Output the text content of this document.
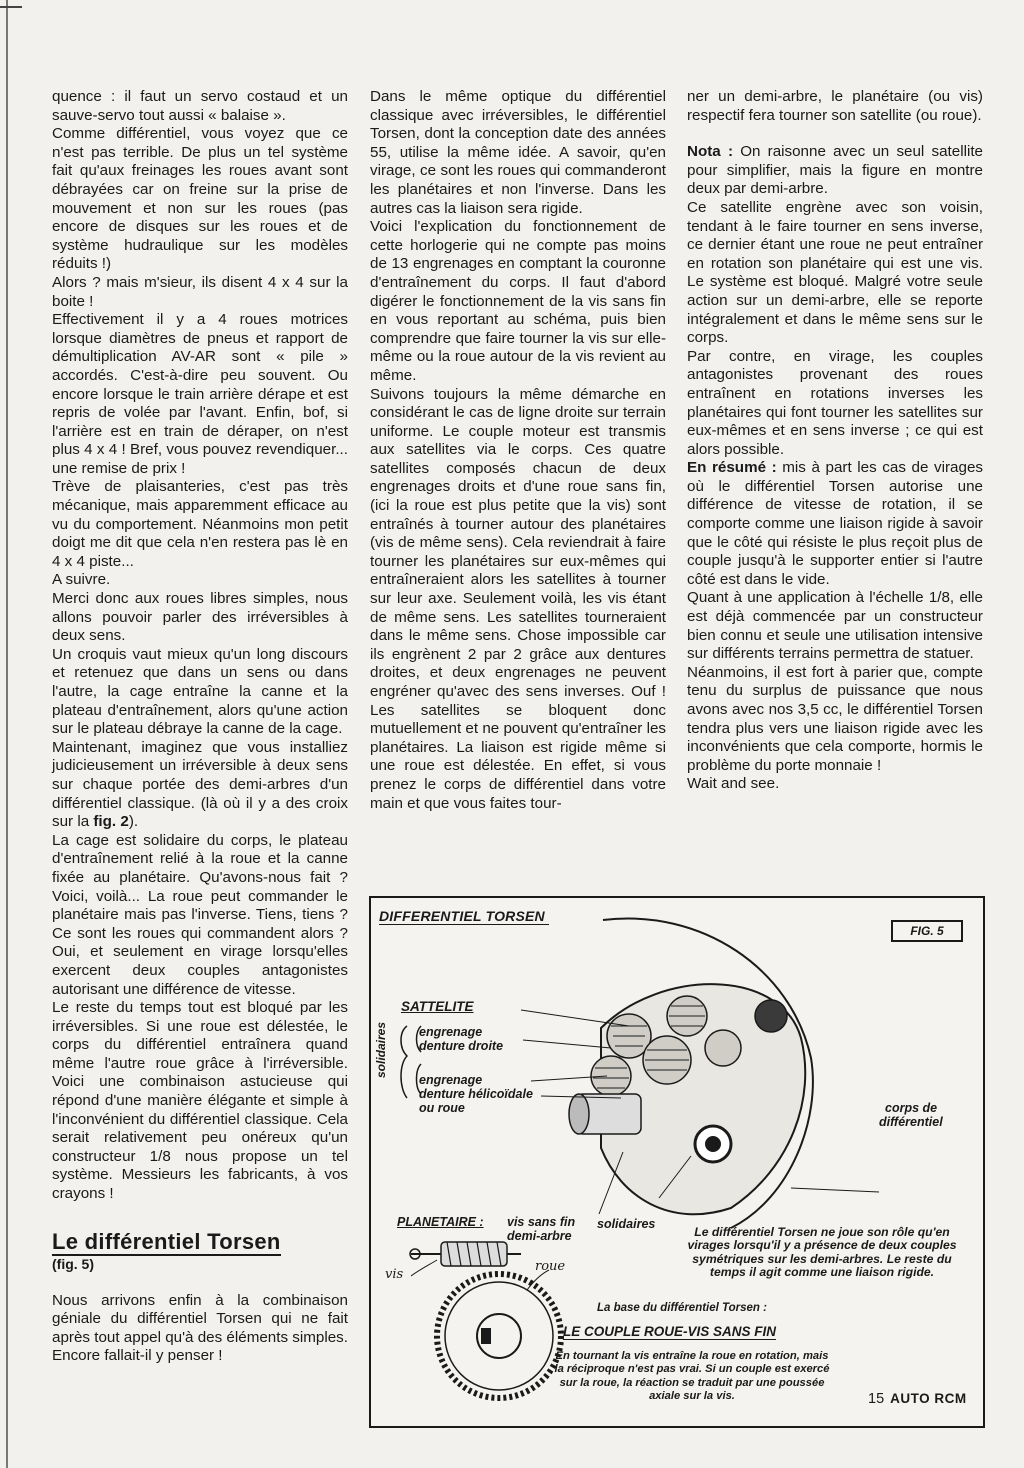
quence : il faut un servo costaud et un sauve-servo tout aussi « balaise ».

Comme différentiel, vous voyez que ce n'est pas terrible. De plus un tel système fait qu'aux freinages les roues avant sont débrayées car on freine sur la prise de mouvement et non sur les roues (pas encore de disques sur les roues et de système hudraulique sur les modèles réduits !)

Alors ? mais m'sieur, ils disent 4 x 4 sur la boite !

Effectivement il y a 4 roues motrices lorsque diamètres de pneus et rapport de démultiplication AV-AR sont « pile » accordés. C'est-à-dire peu souvent. Ou encore lorsque le train arrière dérape et est repris de volée par l'avant. Enfin, bof, si l'arrière est en train de déraper, on n'est plus 4 x 4 ! Bref, vous pouvez revendiquer... une remise de prix !

Trève de plaisanteries, c'est pas très mécanique, mais apparemment efficace au vu du comportement. Néanmoins mon petit doigt me dit que cela n'en restera pas lè en 4 x 4 piste...

A suivre.

Merci donc aux roues libres simples, nous allons pouvoir parler des irréversibles à deux sens.

Un croquis vaut mieux qu'un long discours et retenuez que dans un sens ou dans l'autre, la cage entraîne la canne et la plateau d'entraînement, alors qu'une action sur le plateau débraye la canne de la cage.

Maintenant, imaginez que vous installiez judicieusement un irréversible à deux sens sur chaque portée des demi-arbres d'un différentiel classique. (là où il y a des croix sur la fig. 2).

La cage est solidaire du corps, le plateau d'entraînement relié à la roue et la canne fixée au planétaire. Qu'avons-nous fait ? Voici, voilà... La roue peut commander le planétaire mais pas l'inverse. Tiens, tiens ? Ce sont les roues qui commandent alors ? Oui, et seulement en virage lorsqu'elles exercent deux couples antagonistes autorisant une différence de vitesse.

Le reste du temps tout est bloqué par les irréversibles. Si une roue est délestée, le corps du différentiel entraînera quand même l'autre roue grâce à l'irréversible. Voici une combinaison astucieuse qui répond d'une manière élégante et simple à l'inconvénient du différentiel classique. Cela serait relativement peu onéreux qu'un constructeur 1/8 nous propose un tel système. Messieurs les fabricants, à vos crayons !

Le différentiel Torsen
(fig. 5)

Nous arrivons enfin à la combinaison géniale du différentiel Torsen qui ne fait après tout appel qu'à des éléments simples. Encore fallait-il y penser !

Dans le même optique du différentiel classique avec irréversibles, le différentiel Torsen, dont la conception date des années 55, utilise la même idée. A savoir, qu'en virage, ce sont les roues qui commanderont les planétaires et non l'inverse. Dans les autres cas la liaison sera rigide.

Voici l'explication du fonctionnement de cette horlogerie qui ne compte pas moins de 13 engrenages en comptant la couronne d'entraînement du corps. Il faut d'abord digérer le fonctionnement de la vis sans fin en vous reportant au schéma, puis bien comprendre que faire tourner la vis sur elle-même ou la roue autour de la vis revient au même.

Suivons toujours la même démarche en considérant le cas de ligne droite sur terrain uniforme. Le couple moteur est transmis aux satellites via le corps. Ces quatre satellites composés chacun de deux engrenages droits et d'une roue sans fin, (ici la roue est plus petite que la vis) sont entraînés à tourner autour des planétaires (vis de même sens). Cela reviendrait à faire tourner les planétaires sur eux-mêmes qui entraîneraient alors les satellites à tourner sur leur axe. Seulement voilà, les vis étant de même sens. Les satellites tourneraient dans le même sens. Chose impossible car ils engrènent 2 par 2 grâce aux dentures droites, et deux engrenages ne peuvent engréner qu'avec des sens inverses. Ouf ! Les satellites se bloquent donc mutuellement et ne pouvent qu'entraîner les planétaires. La liaison est rigide même si une roue est délestée. En effet, si vous prenez le corps de différentiel dans votre main et que vous faites tour-

ner un demi-arbre, le planétaire (ou vis) respectif fera tourner son satellite (ou roue).

Nota : On raisonne avec un seul satellite pour simplifier, mais la figure en montre deux par demi-arbre.

Ce satellite engrène avec son voisin, tendant à le faire tourner en sens inverse, ce dernier étant une roue ne peut entraîner en rotation son planétaire qui est une vis. Le système est bloqué. Malgré votre seule action sur un demi-arbre, elle se reporte intégralement et dans le même sens sur le corps.

Par contre, en virage, les couples antagonistes provenant des roues entraînent en rotations inverses les planétaires qui font tourner les satellites sur eux-mêmes et en sens inverse ; ce qui est alors possible.

En résumé : mis à part les cas de virages où le différentiel Torsen autorise une différence de vitesse de rotation, il se comporte comme une liaison rigide à savoir que le côté qui résiste le plus reçoit plus de couple jusqu'à le supporter entier si l'autre côté est dans le vide.

Quant à une application à l'échelle 1/8, elle est déjà commencée par un constructeur bien connu et seule une utilisation intensive sur différents terrains permettra de statuer.

Néanmoins, il est fort à parier que, compte tenu du surplus de puissance que nous avons avec nos 3,5 cc, le différentiel Torsen tendra plus vers une liaison rigide avec les inconvénients que cela comporte, hormis le problème du porte monnaie !

Wait and see.

DIFFERENTIEL TORSEN
FIG. 5
SATTELITE
solidaires engrenage
denture droite
engrenage
denture hélicoïdale
ou roue	corps de
différentiel
PLANETAIRE : vis sans fin
demi-arbre
solidaires
vis
roue
Le différentiel Torsen ne joue son rôle qu'en virages lorsqu'il y a présence de deux couples symétriques sur les demi-arbres. Le reste du temps il agit comme une liaison rigide.
La base du différentiel Torsen :
LE COUPLE ROUE-VIS SANS FIN
En tournant la vis entraîne la roue en rotation, mais la réciproque n'est pas vrai. Si un couple est exercé sur la roue, la réaction se traduit par une poussée axiale sur la vis.	15 AUTO RCM
